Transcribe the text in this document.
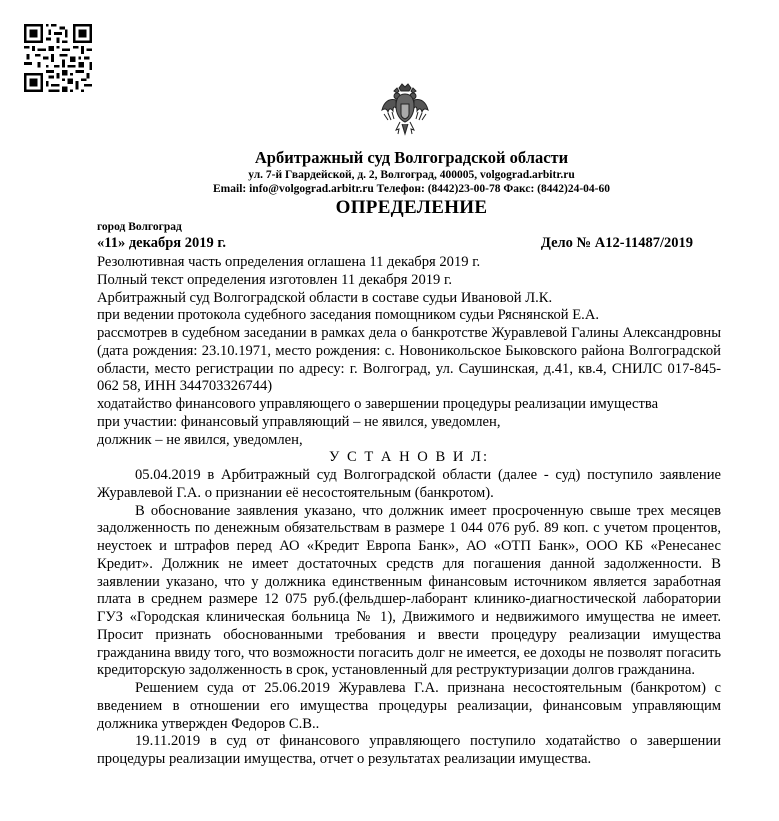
Арбитражный суд Волгоградской области
ул. 7-й Гвардейской, д. 2, Волгоград, 400005, volgograd.arbitr.ru
Email: info@volgograd.arbitr.ru Телефон: (8442)23-00-78 Факс: (8442)24-04-60
ОПРЕДЕЛЕНИЕ
город Волгоград
«11» декабря 2019 г.	Дело № А12-11487/2019

Резолютивная часть определения оглашена 11 декабря 2019 г.

Полный текст определения изготовлен 11 декабря 2019 г.

Арбитражный суд Волгоградской области в составе судьи Ивановой Л.К.

при ведении протокола судебного заседания помощником судьи Ряснянской Е.А.

рассмотрев в судебном заседании в рамках дела о банкротстве Журавлевой Галины Александровны (дата рождения: 23.10.1971, место рождения: с. Новоникольское Быковского района Волгоградской области, место регистрации по адресу: г. Волгоград, ул. Саушинская, д.41, кв.4, СНИЛС 017-845-062 58, ИНН 344703326744)

ходатайство финансового управляющего о завершении процедуры реализации имущества

при участии: финансовый управляющий – не явился, уведомлен,

должник – не явился, уведомлен,

У С Т А Н О В И Л:

05.04.2019 в Арбитражный суд Волгоградской области (далее - суд) поступило заявление Журавлевой Г.А. о признании её несостоятельным (банкротом).

В обоснование заявления указано, что должник имеет просроченную свыше трех месяцев задолженность по денежным обязательствам в размере 1 044 076 руб. 89 коп. с учетом процентов, неустоек и штрафов перед АО «Кредит Европа Банк», АО «ОТП Банк», ООО КБ «Ренесанес Кредит». Должник не имеет достаточных средств для погашения данной задолженности. В заявлении указано, что у должника единственным финансовым источником является заработная плата в среднем размере 12 075 руб.(фельдшер-лаборант клинико-диагностической лаборатории ГУЗ «Городская клиническая больница № 1), Движимого и недвижимого имущества не имеет. Просит признать обоснованными требования и ввести процедуру реализации имущества гражданина ввиду того, что возможности погасить долг не имеется, ее доходы не позволят погасить кредиторскую задолженность в срок, установленный для реструктуризации долгов гражданина.

Решением суда от 25.06.2019 Журавлева Г.А. признана несостоятельным (банкротом) с введением в отношении его имущества процедуры реализации, финансовым управляющим должника утвержден Федоров С.В..

19.11.2019 в суд от финансового управляющего поступило ходатайство о завершении процедуры реализации имущества, отчет о результатах реализации имущества.
